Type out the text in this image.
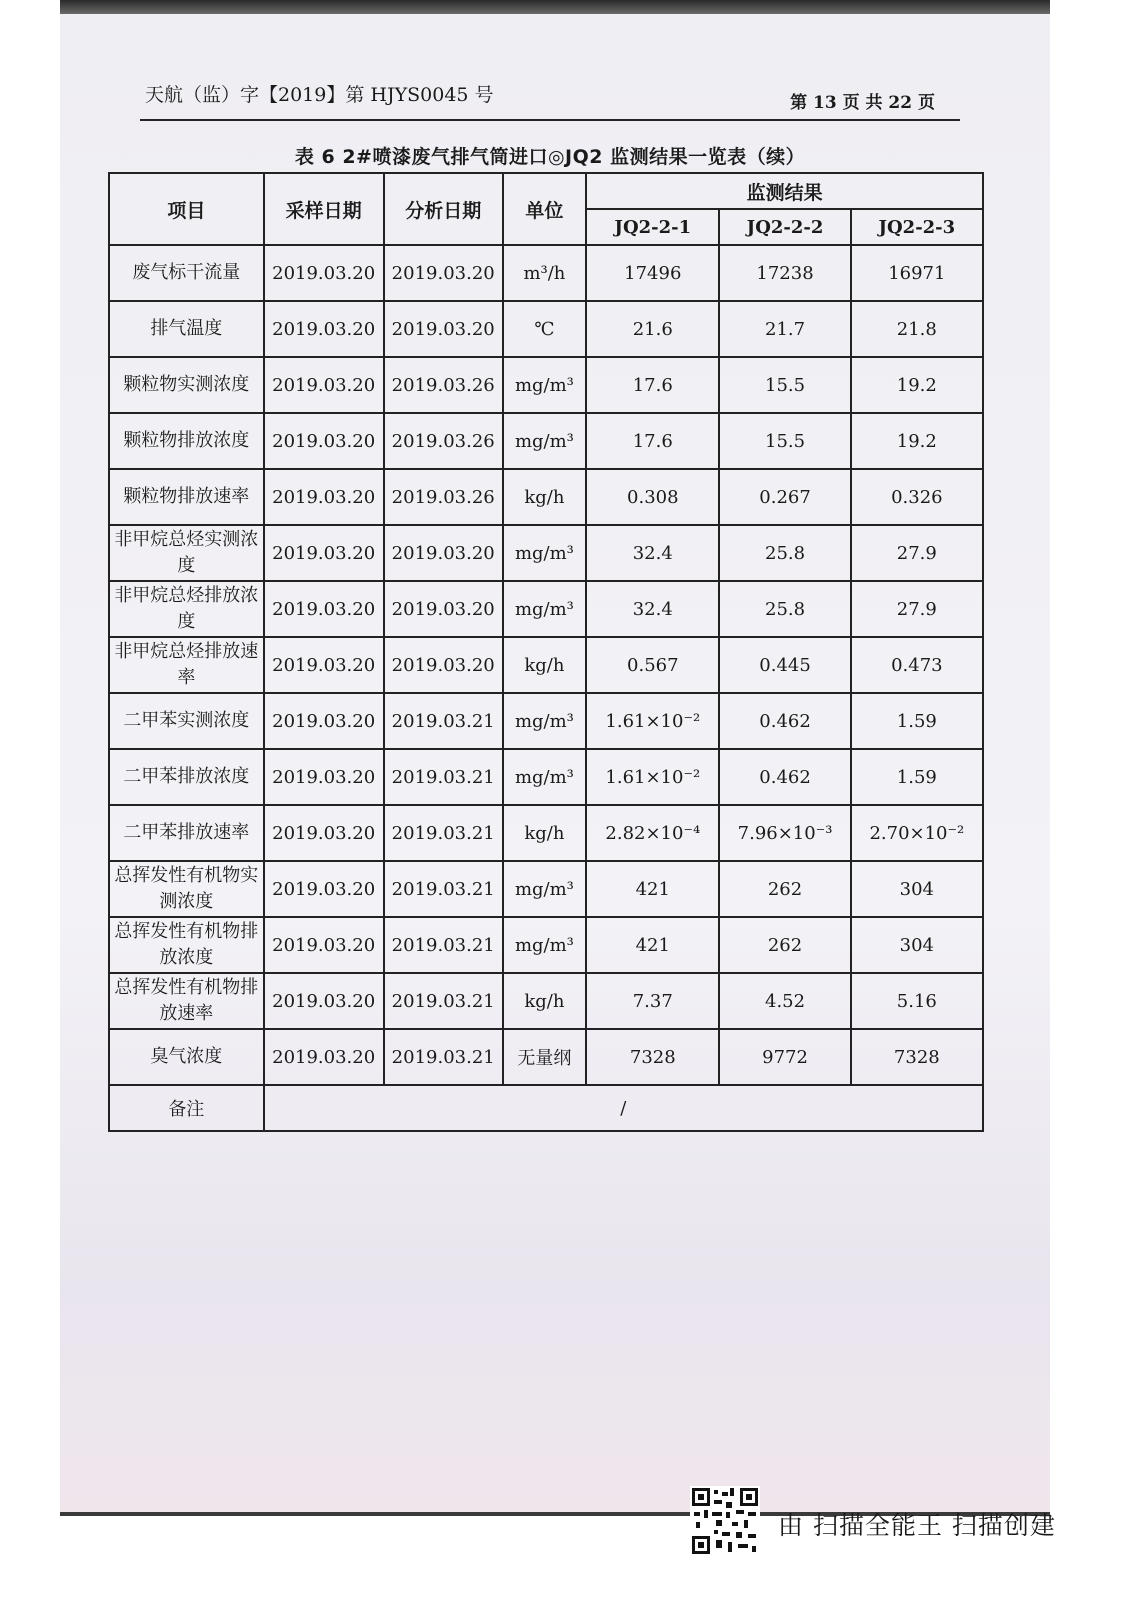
天航（监）字【2019】第 HJYS0045 号	第 13 页 共 22 页
表 6 2#喷漆废气排气筒进口◎JQ2 监测结果一览表（续）
项目	采样日期	分析日期	单位	监测结果		
				JQ2-2-1	JQ2-2-2	JQ2-2-3
废气标干流量	2019.03.20	2019.03.20	m³/h	17496	17238	16971
排气温度	2019.03.20	2019.03.20	℃	21.6	21.7	21.8
颗粒物实测浓度	2019.03.20	2019.03.26	mg/m³	17.6	15.5	19.2
颗粒物排放浓度	2019.03.20	2019.03.26	mg/m³	17.6	15.5	19.2
颗粒物排放速率	2019.03.20	2019.03.26	kg/h	0.308	0.267	0.326
非甲烷总烃实测浓度	2019.03.20	2019.03.20	mg/m³	32.4	25.8	27.9
非甲烷总烃排放浓度	2019.03.20	2019.03.20	mg/m³	32.4	25.8	27.9
非甲烷总烃排放速率	2019.03.20	2019.03.20	kg/h	0.567	0.445	0.473
二甲苯实测浓度	2019.03.20	2019.03.21	mg/m³	1.61×10⁻²	0.462	1.59
二甲苯排放浓度	2019.03.20	2019.03.21	mg/m³	1.61×10⁻²	0.462	1.59
二甲苯排放速率	2019.03.20	2019.03.21	kg/h	2.82×10⁻⁴	7.96×10⁻³	2.70×10⁻²
总挥发性有机物实测浓度	2019.03.20	2019.03.21	mg/m³	421	262	304
总挥发性有机物排放浓度	2019.03.20	2019.03.21	mg/m³	421	262	304
总挥发性有机物排放速率	2019.03.20	2019.03.21	kg/h	7.37	4.52	5.16
臭气浓度	2019.03.20	2019.03.21	无量纲	7328	9772	7328
备注	/					
由 扫描全能王 扫描创建
